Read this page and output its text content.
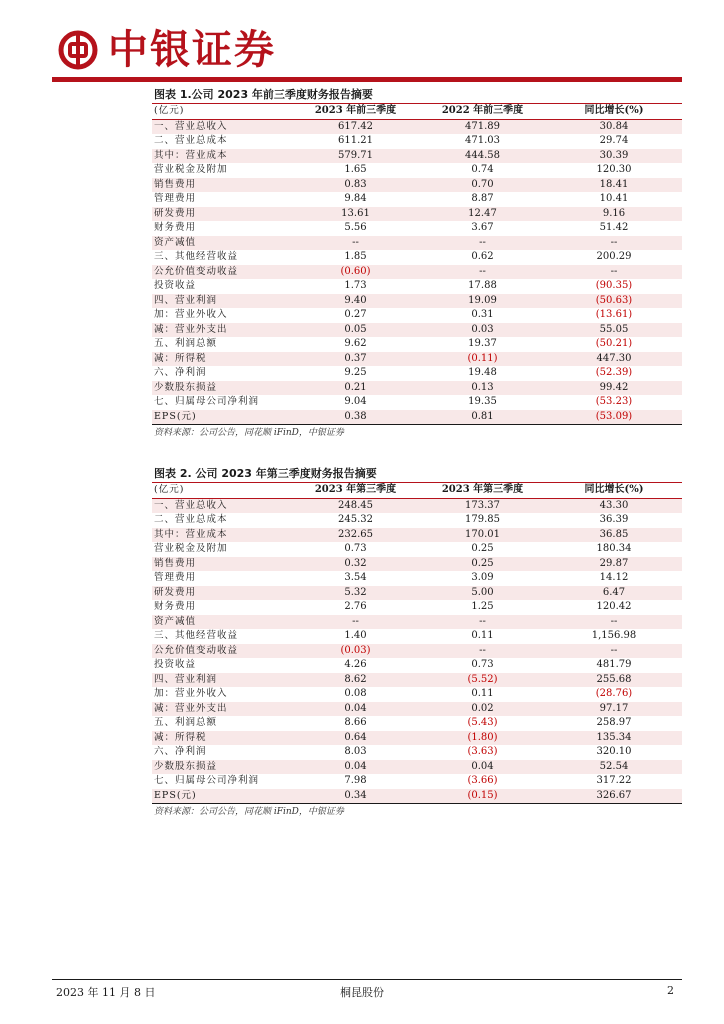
中银证券
图表 1.公司 2023 年前三季度财务报告摘要
(亿元)	2023 年前三季度	2022 年前三季度	同比增长(%)
一、营业总收入	617.42	471.89	30.84
二、营业总成本	611.21	471.03	29.74
其中：营业成本	579.71	444.58	30.39
营业税金及附加	1.65	0.74	120.30
销售费用	0.83	0.70	18.41
管理费用	9.84	8.87	10.41
研发费用	13.61	12.47	9.16
财务费用	5.56	3.67	51.42
资产减值	--	--	--
三、其他经营收益	1.85	0.62	200.29
公允价值变动收益	(0.60)	--	--
投资收益	1.73	17.88	(90.35)
四、营业利润	9.40	19.09	(50.63)
加：营业外收入	0.27	0.31	(13.61)
减：营业外支出	0.05	0.03	55.05
五、利润总额	9.62	19.37	(50.21)
减：所得税	0.37	(0.11)	447.30
六、净利润	9.25	19.48	(52.39)
少数股东损益	0.21	0.13	99.42
七、归属母公司净利润	9.04	19.35	(53.23)
EPS(元)	0.38	0.81	(53.09)
资料来源：公司公告，同花顺 iFinD，中银证券
图表 2. 公司 2023 年第三季度财务报告摘要
(亿元)	2023 年第三季度	2023 年第三季度	同比增长(%)
一、营业总收入	248.45	173.37	43.30
二、营业总成本	245.32	179.85	36.39
其中：营业成本	232.65	170.01	36.85
营业税金及附加	0.73	0.25	180.34
销售费用	0.32	0.25	29.87
管理费用	3.54	3.09	14.12
研发费用	5.32	5.00	6.47
财务费用	2.76	1.25	120.42
资产减值	--	--	--
三、其他经营收益	1.40	0.11	1,156.98
公允价值变动收益	(0.03)	--	--
投资收益	4.26	0.73	481.79
四、营业利润	8.62	(5.52)	255.68
加：营业外收入	0.08	0.11	(28.76)
减：营业外支出	0.04	0.02	97.17
五、利润总额	8.66	(5.43)	258.97
减：所得税	0.64	(1.80)	135.34
六、净利润	8.03	(3.63)	320.10
少数股东损益	0.04	0.04	52.54
七、归属母公司净利润	7.98	(3.66)	317.22
EPS(元)	0.34	(0.15)	326.67
资料来源：公司公告，同花顺 iFinD，中银证券
2023 年 11 月 8 日	桐昆股份	2
